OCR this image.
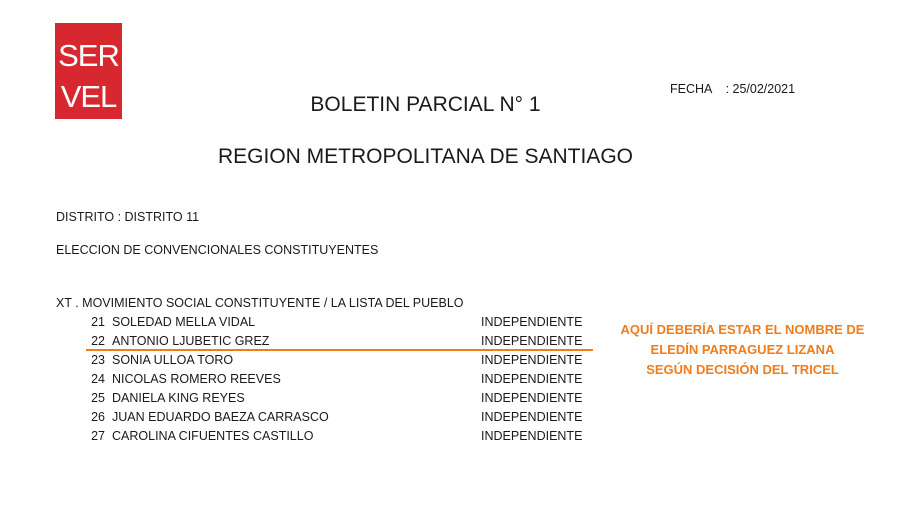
SER
VEL	FECHA    : 25/02/2021
BOLETIN PARCIAL N° 1
REGION METROPOLITANA DE SANTIAGO
DISTRITO : DISTRITO 11
ELECCION DE CONVENCIONALES CONSTITUYENTES
XT . MOVIMIENTO SOCIAL CONSTITUYENTE / LA LISTA DEL PUEBLO
21 SOLEDAD MELLA VIDAL	INDEPENDIENTE
22 ANTONIO LJUBETIC GREZ	INDEPENDIENTE
23 SONIA ULLOA TORO	INDEPENDIENTE
24 NICOLAS ROMERO REEVES	INDEPENDIENTE
25 DANIELA KING REYES	INDEPENDIENTE
26 JUAN EDUARDO BAEZA CARRASCO	INDEPENDIENTE
27 CAROLINA CIFUENTES CASTILLO	INDEPENDIENTE
AQUÍ DEBERÍA ESTAR EL NOMBRE DE
ELEDÍN PARRAGUEZ LIZANA
SEGÚN DECISIÓN DEL TRICEL
